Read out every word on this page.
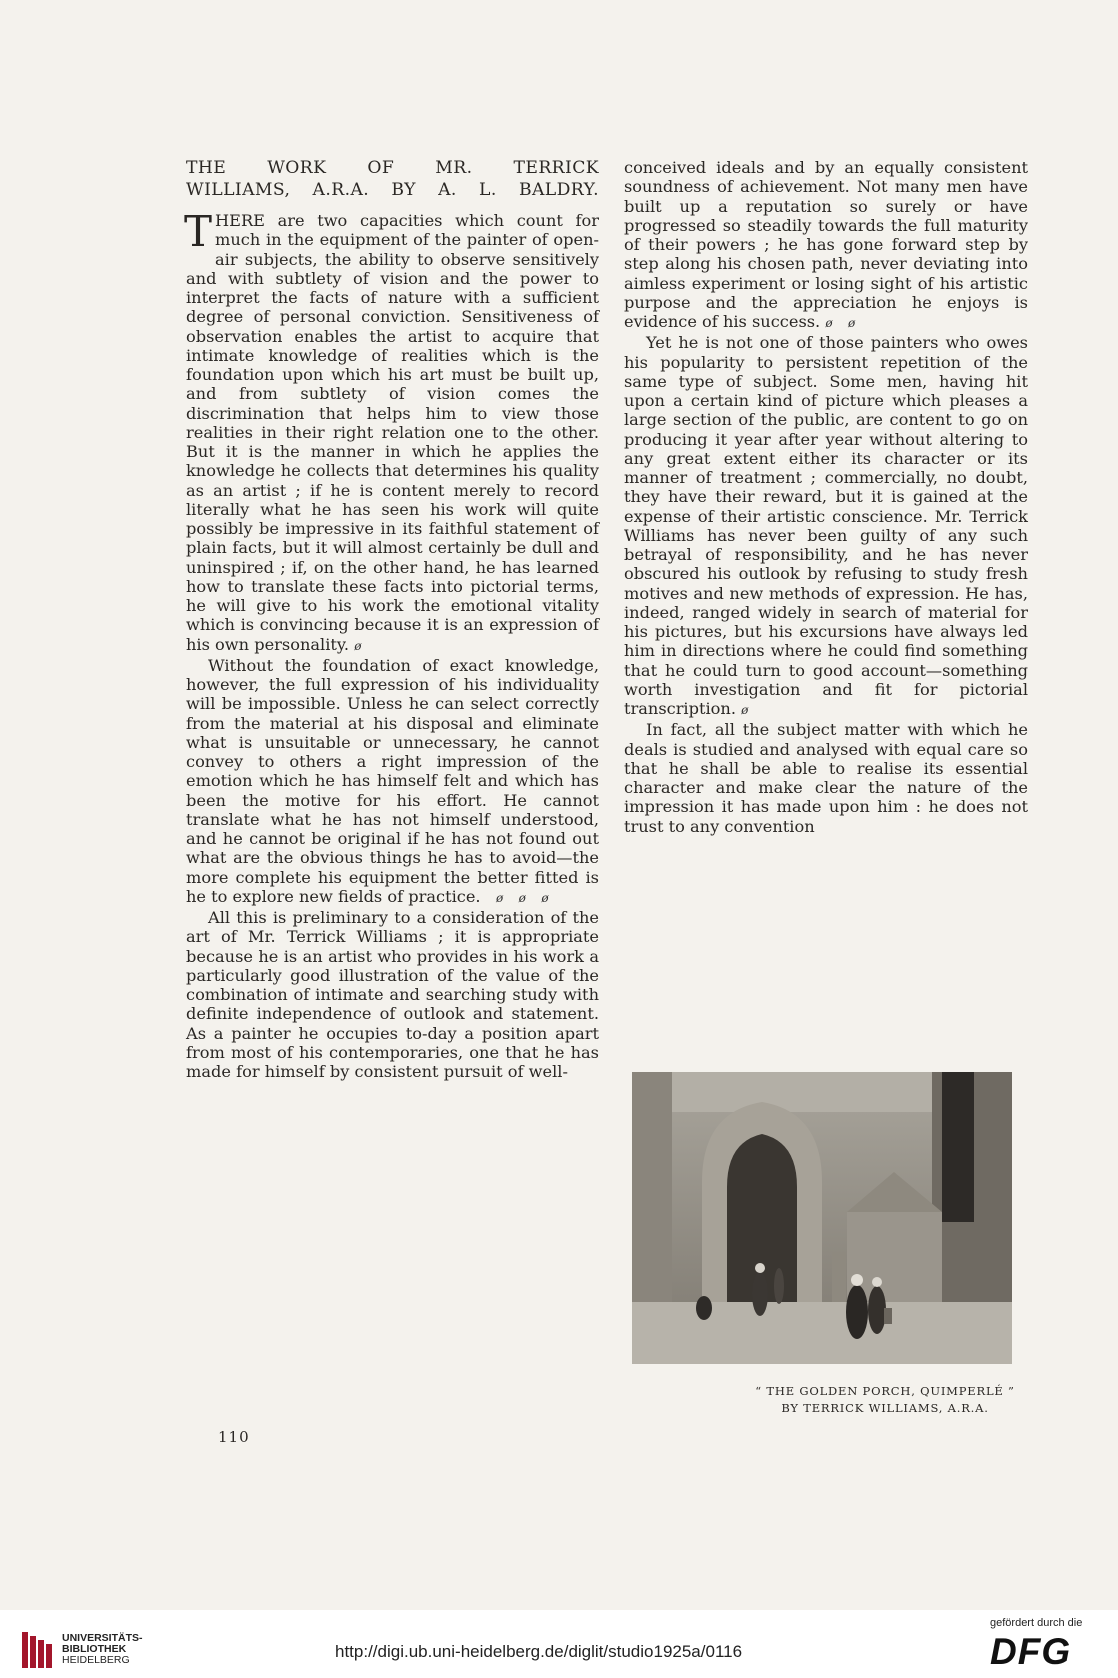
THE WORK OF MR. TERRICK
WILLIAMS, A.R.A. BY A. L. BALDRY.

THERE are two capacities which count for much in the equipment of the painter of open-air subjects, the ability to observe sensitively and with subtlety of vision and the power to interpret the facts of nature with a sufficient degree of personal conviction. Sensitiveness of observation enables the artist to acquire that intimate knowledge of realities which is the foundation upon which his art must be built up, and from subtlety of vision comes the discrimination that helps him to view those realities in their right relation one to the other. But it is the manner in which he applies the knowledge he collects that determines his quality as an artist ; if he is content merely to record literally what he has seen his work will quite possibly be impressive in its faithful statement of plain facts, but it will almost certainly be dull and uninspired ; if, on the other hand, he has learned how to translate these facts into pictorial terms, he will give to his work the emotional vitality which is convincing because it is an expression of his own personality. ø

Without the foundation of exact knowledge, however, the full expression of his individuality will be impossible. Unless he can select correctly from the material at his disposal and eliminate what is unsuitable or unnecessary, he cannot convey to others a right impression of the emotion which he has himself felt and which has been the motive for his effort. He cannot translate what he has not himself understood, and he cannot be original if he has not found out what are the obvious things he has to avoid—the more complete his equipment the better fitted is he to explore new fields of practice. ø ø ø

All this is preliminary to a consideration of the art of Mr. Terrick Williams ; it is appropriate because he is an artist who provides in his work a particularly good illustration of the value of the combination of intimate and searching study with definite independence of outlook and statement. As a painter he occupies to-day a position apart from most of his contemporaries, one that he has made for himself by consistent pursuit of well-

conceived ideals and by an equally consistent soundness of achievement. Not many men have built up a reputation so surely or have progressed so steadily towards the full maturity of their powers ; he has gone forward step by step along his chosen path, never deviating into aimless experiment or losing sight of his artistic purpose and the appreciation he enjoys is evidence of his success. ø ø

Yet he is not one of those painters who owes his popularity to persistent repetition of the same type of subject. Some men, having hit upon a certain kind of picture which pleases a large section of the public, are content to go on producing it year after year without altering to any great extent either its character or its manner of treatment ; commercially, no doubt, they have their reward, but it is gained at the expense of their artistic conscience. Mr. Terrick Williams has never been guilty of any such betrayal of responsibility, and he has never obscured his outlook by refusing to study fresh motives and new methods of expression. He has, indeed, ranged widely in search of material for his pictures, but his excursions have always led him in directions where he could find something that he could turn to good account—something worth investigation and fit for pictorial transcription. ø

In fact, all the subject matter with which he deals is studied and analysed with equal care so that he shall be able to realise its essential character and make clear the nature of the impression it has made upon him : he does not trust to any convention

110
“ THE GOLDEN PORCH, QUIMPERLÉ ”
BY TERRICK WILLIAMS, A.R.A.
UNIVERSITÄTS-
BIBLIOTHEK
HEIDELBERG	http://digi.ub.uni-heidelberg.de/diglit/studio1925a/0116
gefördert durch die
DFG
